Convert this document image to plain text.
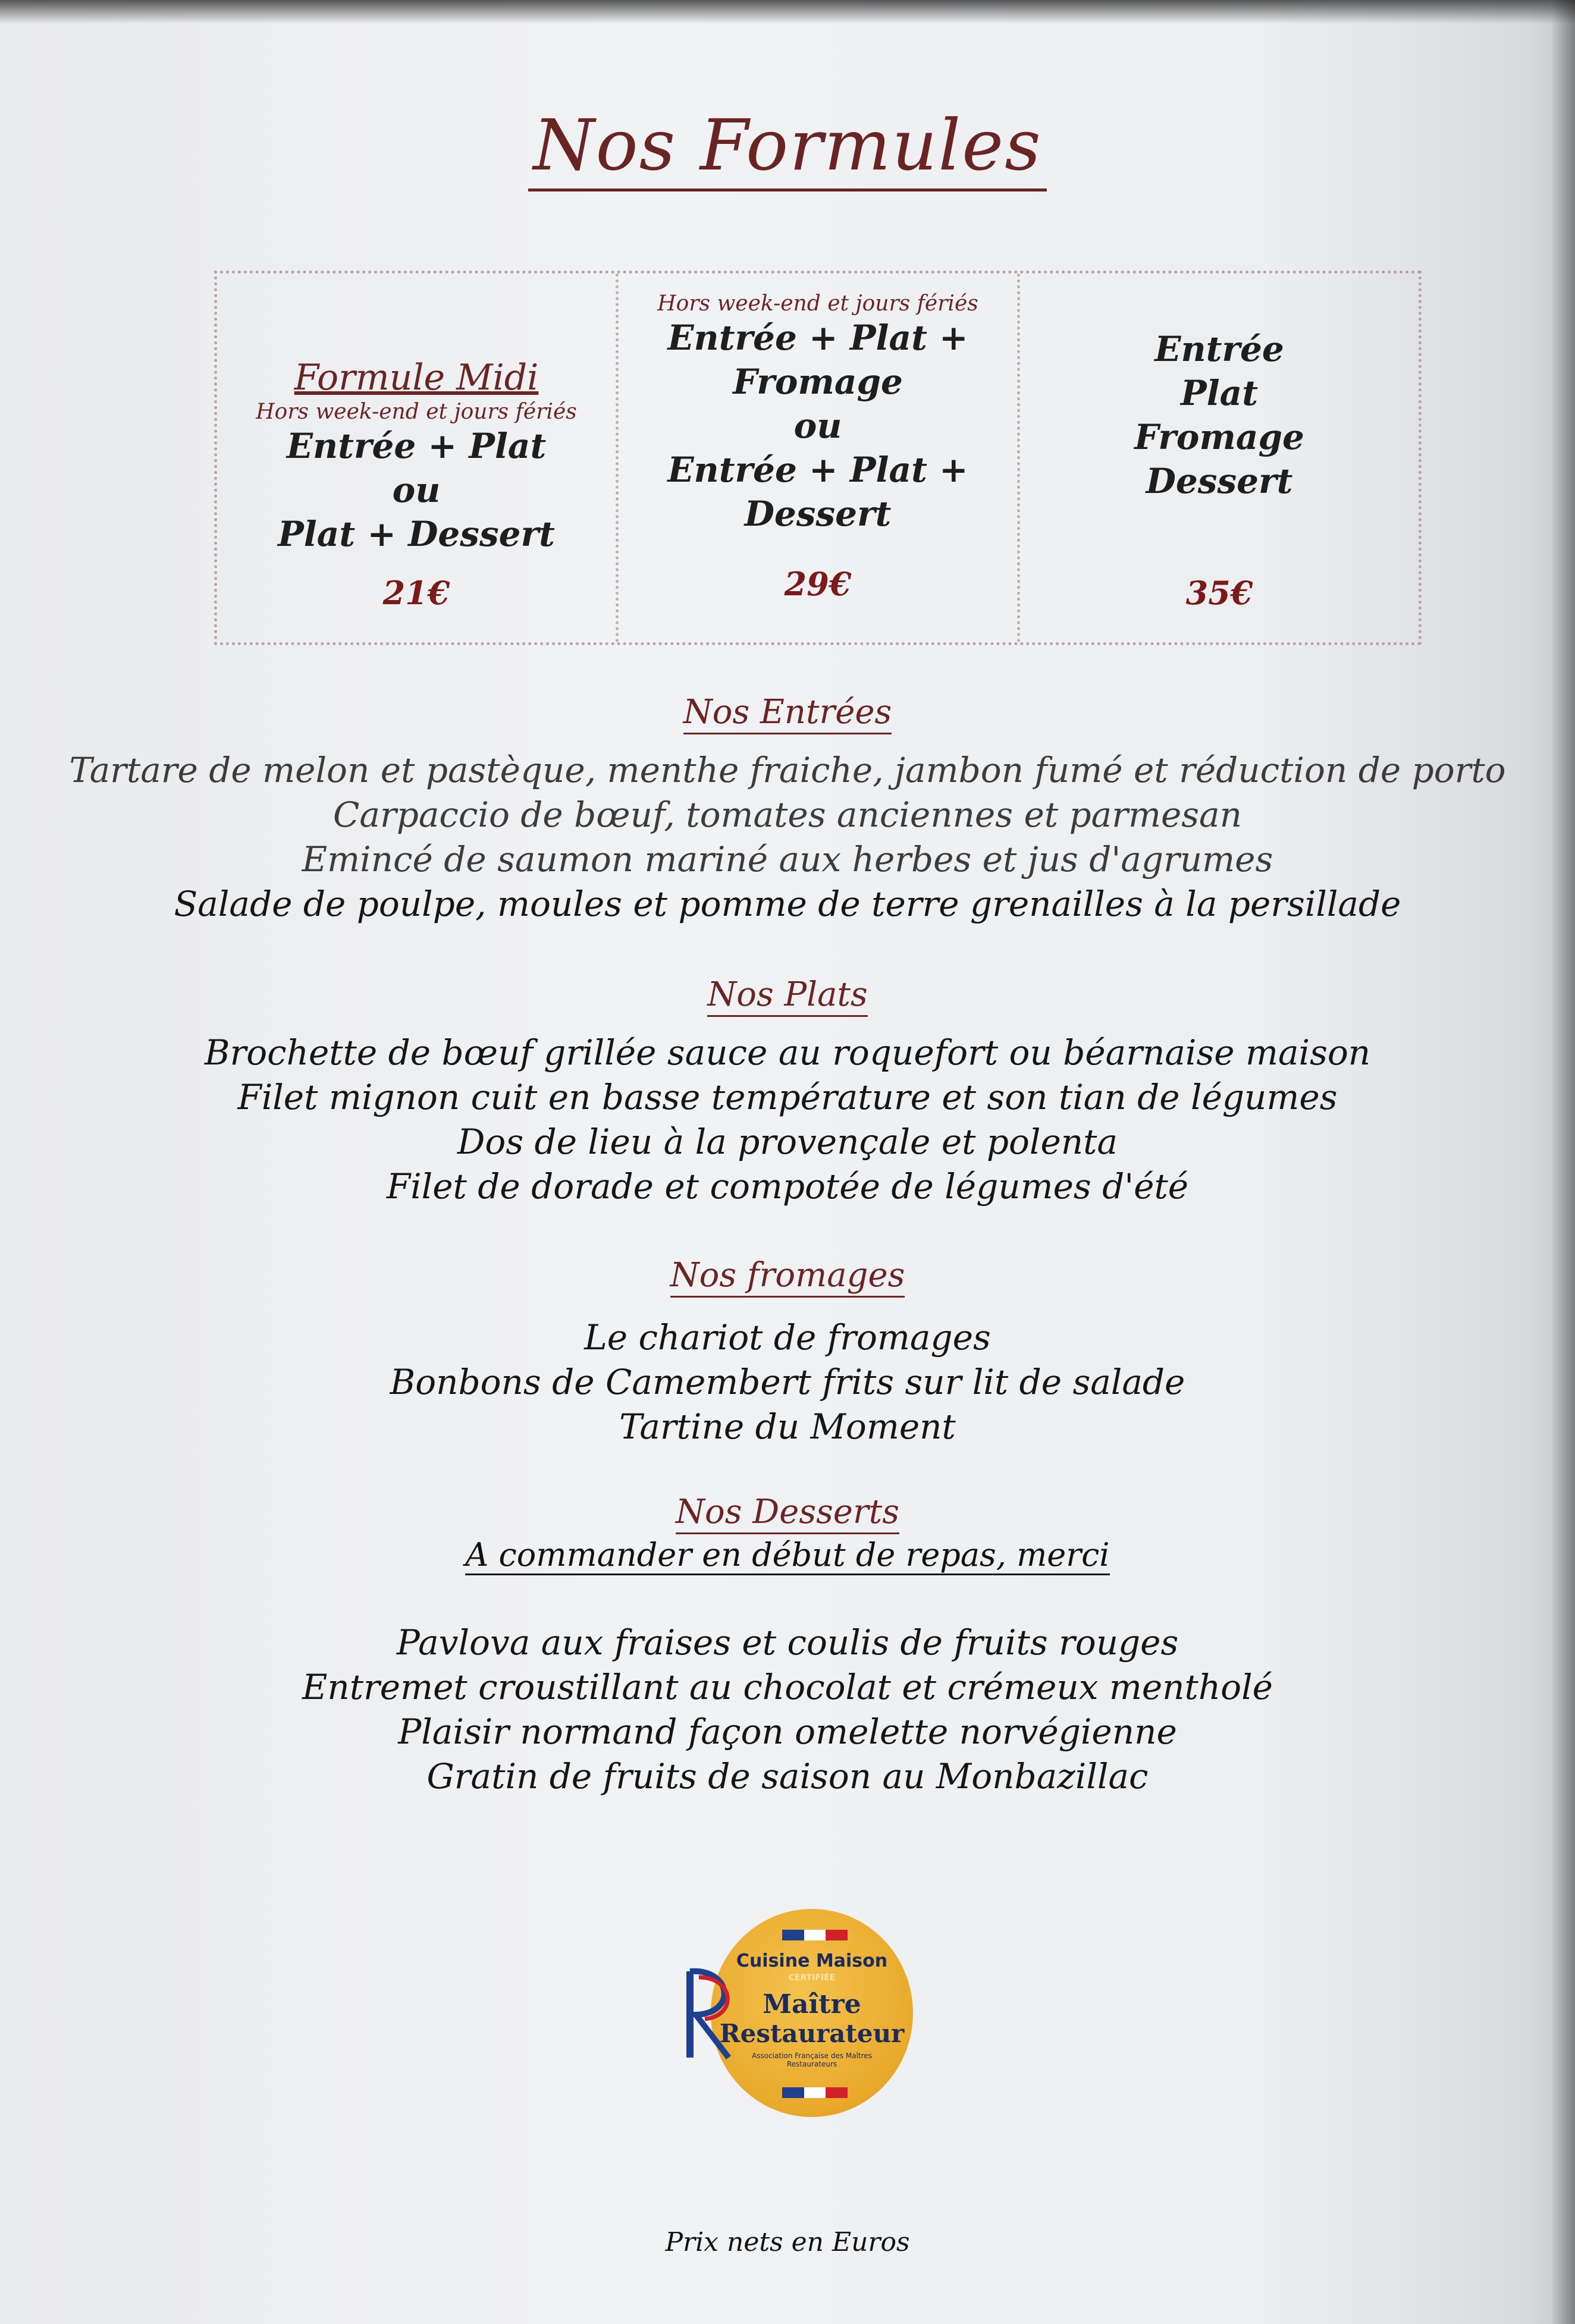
Nos Formules
Formule Midi
Hors week-end et jours fériés
Entrée + Plat
ou
Plat + Dessert
21€
Hors week-end et jours fériés
Entrée + Plat +
Fromage
ou
Entrée + Plat +
Dessert
29€
Entrée
Plat
Fromage
Dessert
35€
Nos Entrées
Tartare de melon et pastèque, menthe fraiche, jambon fumé et réduction de porto
Carpaccio de bœuf, tomates anciennes et parmesan
Emincé de saumon mariné aux herbes et jus d'agrumes
Salade de poulpe, moules et pomme de terre grenailles à la persillade
Nos Plats
Brochette de bœuf grillée sauce au roquefort ou béarnaise maison
Filet mignon cuit en basse température et son tian de légumes
Dos de lieu à la provençale et polenta
Filet de dorade et compotée de légumes d'été
Nos fromages
Le chariot de fromages
Bonbons de Camembert frits sur lit de salade
Tartine du Moment
Nos Desserts
A commander en début de repas, merci
Pavlova aux fraises et coulis de fruits rouges
Entremet croustillant au chocolat et crémeux mentholé
Plaisir normand façon omelette norvégienne
Gratin de fruits de saison au Monbazillac
Cuisine Maison
CERTIFIÉE
Maître
Restaurateur
Association Française des Maîtres Restaurateurs
Prix nets en Euros
